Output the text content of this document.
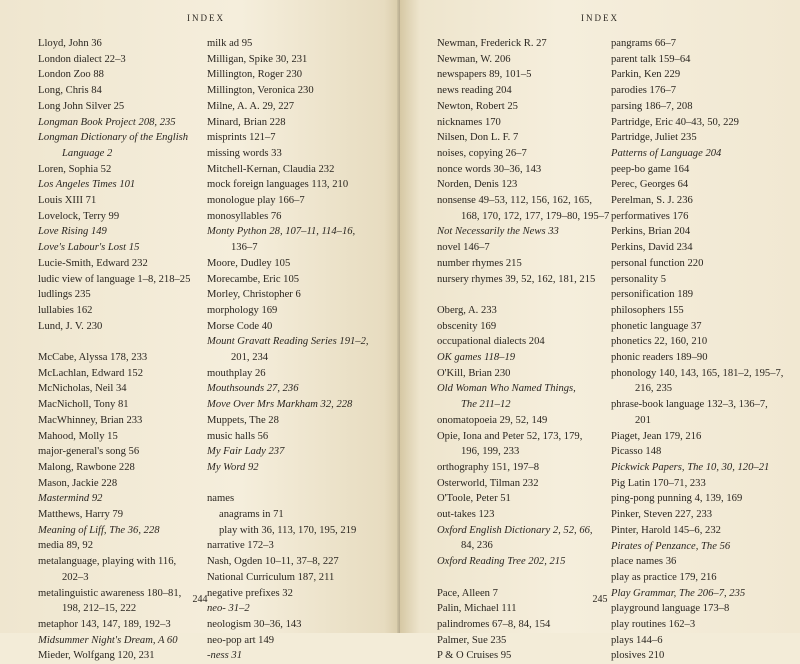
INDEX
Lloyd, John 36
London dialect 22–3
London Zoo 88
Long, Chris 84
Long John Silver 25
Longman Book Project 208, 235
Longman Dictionary of the English
Language 2
Loren, Sophia 52
Los Angeles Times 101
Louis XIII 71
Lovelock, Terry 99
Love Rising 149
Love's Labour's Lost 15
Lucie-Smith, Edward 232
ludic view of language 1–8, 218–25
ludlings 235
lullabies 162
Lund, J. V. 230
McCabe, Alyssa 178, 233
McLachlan, Edward 152
McNicholas, Neil 34
MacNicholl, Tony 81
MacWhinney, Brian 233
Mahood, Molly 15
major-general's song 56
Malong, Rawbone 228
Mason, Jackie 228
Mastermind 92
Matthews, Harry 79
Meaning of Liff, The 36, 228
media 89, 92
metalanguage, playing with 116,
202–3
metalinguistic awareness 180–81,
198, 212–15, 222
metaphor 143, 147, 189, 192–3
Midsummer Night's Dream, A 60
Mieder, Wolfgang 120, 231
milk ad 95
Milligan, Spike 30, 231
Millington, Roger 230
Millington, Veronica 230
Milne, A. A. 29, 227
Minard, Brian 228
misprints 121–7
missing words 33
Mitchell-Kernan, Claudia 232
mock foreign languages 113, 210
monologue play 166–7
monosyllables 76
Monty Python 28, 107–11, 114–16,
136–7
Moore, Dudley 105
Morecambe, Eric 105
Morley, Christopher 6
morphology 169
Morse Code 40
Mount Gravatt Reading Series 191–2,
201, 234
mouthplay 26
Mouthsounds 27, 236
Move Over Mrs Markham 32, 228
Muppets, The 28
music halls 56
My Fair Lady 237
My Word 92
names
anagrams in 71
play with 36, 113, 170, 195, 219
narrative 172–3
Nash, Ogden 10–11, 37–8, 227
National Curriculum 187, 211
negative prefixes 32
neo- 31–2
neologism 30–36, 143
neo-pop art 149
-ness 31
244
INDEX
Newman, Frederick R. 27
Newman, W. 206
newspapers 89, 101–5
news reading 204
Newton, Robert 25
nicknames 170
Nilsen, Don L. F. 7
noises, copying 26–7
nonce words 30–36, 143
Norden, Denis 123
nonsense 49–53, 112, 156, 162, 165,
168, 170, 172, 177, 179–80, 195–7
Not Necessarily the News 33
novel 146–7
number rhymes 215
nursery rhymes 39, 52, 162, 181, 215
Oberg, A. 233
obscenity 169
occupational dialects 204
OK games 118–19
O'Kill, Brian 230
Old Woman Who Named Things,
The 211–12
onomatopoeia 29, 52, 149
Opie, Iona and Peter 52, 173, 179,
196, 199, 233
orthography 151, 197–8
Osterworld, Tilman 232
O'Toole, Peter 51
out-takes 123
Oxford English Dictionary 2, 52, 66,
84, 236
Oxford Reading Tree 202, 215
Pace, Alleen 7
Palin, Michael 111
palindromes 67–8, 84, 154
Palmer, Sue 235
P & O Cruises 95
pangrams 66–7
parent talk 159–64
Parkin, Ken 229
parodies 176–7
parsing 186–7, 208
Partridge, Eric 40–43, 50, 229
Partridge, Juliet 235
Patterns of Language 204
peep-bo game 164
Perec, Georges 64
Perelman, S. J. 236
performatives 176
Perkins, Brian 204
Perkins, David 234
personal function 220
personality 5
personification 189
philosophers 155
phonetic language 37
phonetics 22, 160, 210
phonic readers 189–90
phonology 140, 143, 165, 181–2, 195–7,
216, 235
phrase-book language 132–3, 136–7,
201
Piaget, Jean 179, 216
Picasso 148
Pickwick Papers, The 10, 30, 120–21
Pig Latin 170–71, 233
ping-pong punning 4, 139, 169
Pinker, Steven 227, 233
Pinter, Harold 145–6, 232
Pirates of Penzance, The 56
place names 36
play as practice 179, 216
Play Grammar, The 206–7, 235
playground language 173–8
play routines 162–3
plays 144–6
plosives 210
245
